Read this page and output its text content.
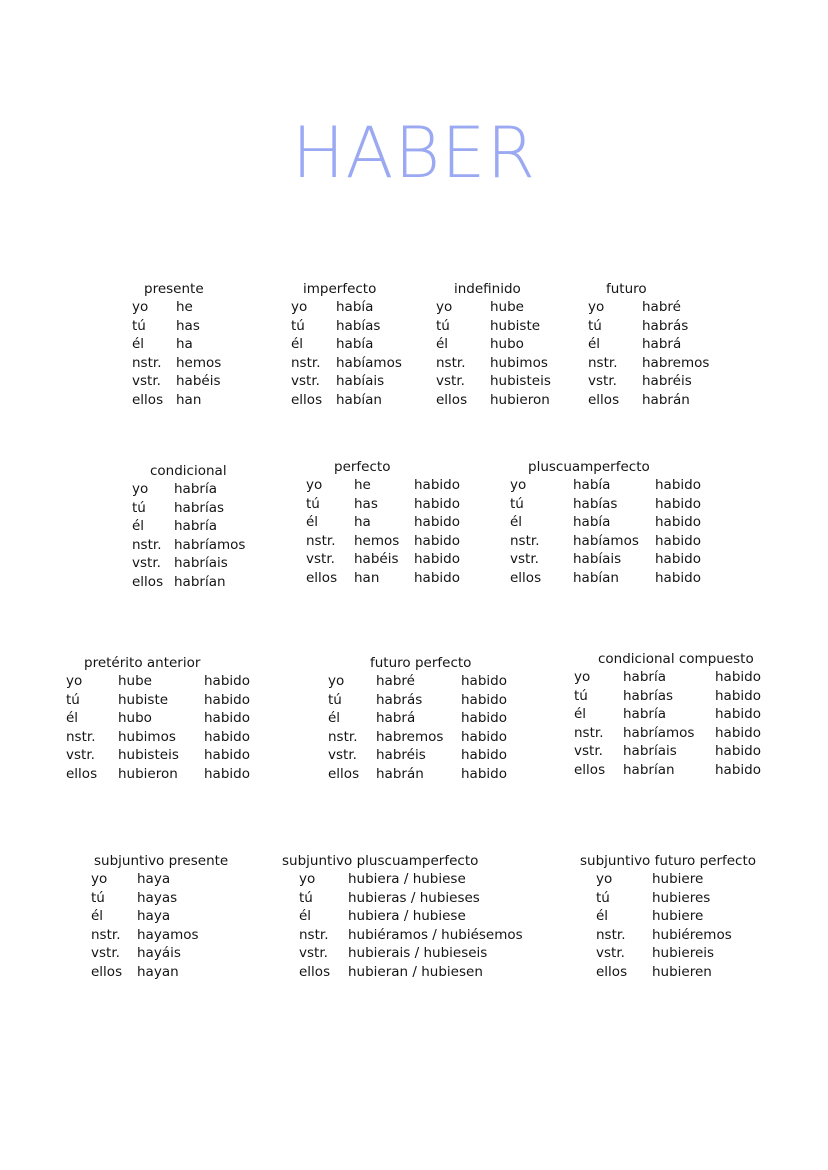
HABER
presente
yo he
tú has
él ha
nstr. hemos
vstr. habéis
ellos han
imperfecto
yo había
tú habías
él había
nstr. habíamos
vstr. habíais
ellos habían
indefinido
yo	hube
tú	hubiste
él	hubo
nstr. hubimos
vstr. hubisteis
ellos hubieron
futuro
yo	habré
tú	habrás
él	habrá
nstr. habremos
vstr. habréis
ellos habrán
condicional
yo habría
tú habrías
él habría
nstr. habríamos
vstr. habríais
ellos habrían
perfecto
yo he	habido
tú	has	habido
él	ha	habido
nstr. hemos habido
vstr. habéis habido
ellos han	habido
pluscuamperfecto
yo	había	habido
tú	habías	habido
él	había	habido
nstr. habíamos habido
vstr.	habíais	habido
ellos habían	habido
pretérito anterior
yo	hube	habido
tú	hubiste	habido
él	hubo	habido
nstr. hubimos habido
vstr. hubisteis habido
ellos hubieron habido
futuro perfecto
yo habré	habido
tú	habrás	habido
él	habrá	habido
nstr. habremos habido
vstr. habréis	habido
ellos habrán	habido
condicional compuesto
yo habría	habido
tú	habrías	habido
él	habría	habido
nstr. habríamos habido
vstr. habríais	habido
ellos habrían	habido
subjuntivo presente
yo haya
tú hayas
él	haya
nstr. hayamos
vstr. hayáis
ellos hayan
subjuntivo pluscuamperfecto
yo hubiera / hubiese
tú	hubieras / hubieses
él	hubiera / hubiese
nstr. hubiéramos / hubiésemos
vstr. hubierais / hubieseis
ellos hubieran / hubiesen
subjuntivo futuro perfecto
yo	hubiere
tú	hubieres
él	hubiere
nstr. hubiéremos
vstr. hubiereis
ellos hubieren
